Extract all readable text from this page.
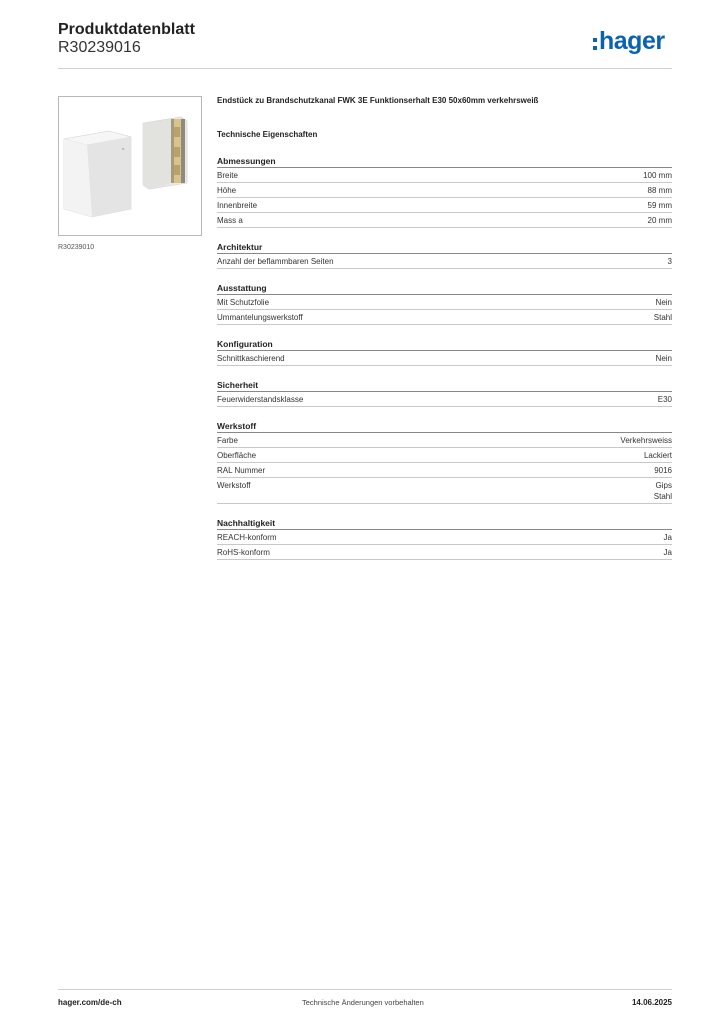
Produktdatenblatt
R30239016	hager
R30239010
Endstück zu Brandschutzkanal FWK 3E Funktionserhalt E30 50x60mm verkehrsweiß
Technische Eigenschaften
Abmessungen
Breite	100 mm
Höhe	88 mm
Innenbreite	59 mm
Mass a	20 mm
Architektur
Anzahl der beflammbaren Seiten	3
Ausstattung
Mit Schutzfolie	Nein
Ummantelungswerkstoff	Stahl
Konfiguration
Schnittkaschierend	Nein
Sicherheit
Feuerwiderstandsklasse	E30
Werkstoff
Farbe	Verkehrsweiss
Oberfläche	Lackiert
RAL Nummer	9016
Werkstoff	Gips
Stahl
Nachhaltigkeit
REACH-konform	Ja
RoHS-konform	Ja
hager.com/de-ch	Technische Änderungen vorbehalten	14.06.2025
